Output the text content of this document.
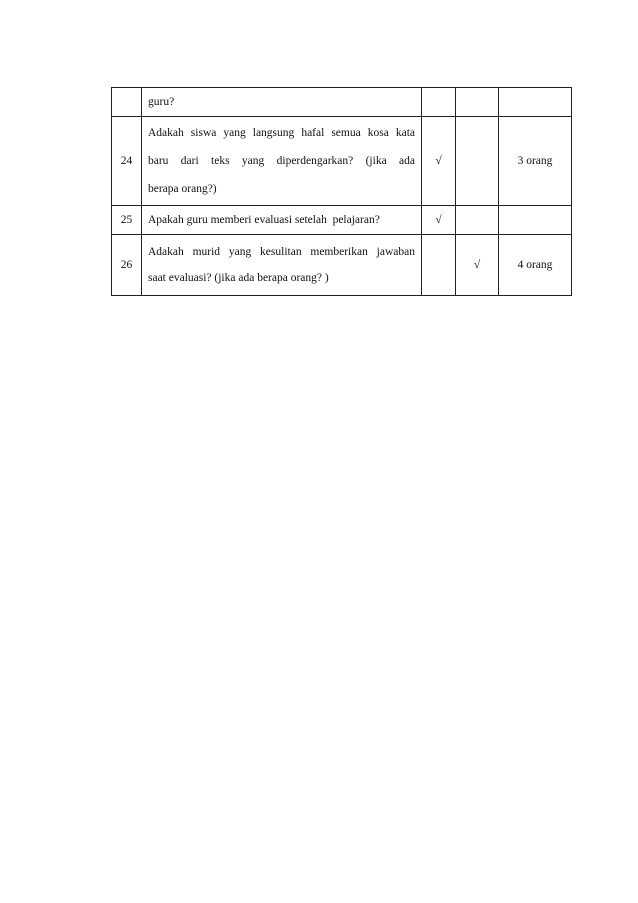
	guru?			

24	Adakah siswa yang langsung hafal semua kosa kata
baru dari teks yang diperdengarkan? (jika ada
berapa orang?)	√		3 orang
25	Apakah guru memberi evaluasi setelah  pelajaran?	√		
26	Adakah murid yang kesulitan memberikan jawaban
saat evaluasi? (jika ada berapa orang? )		√	4 orang
